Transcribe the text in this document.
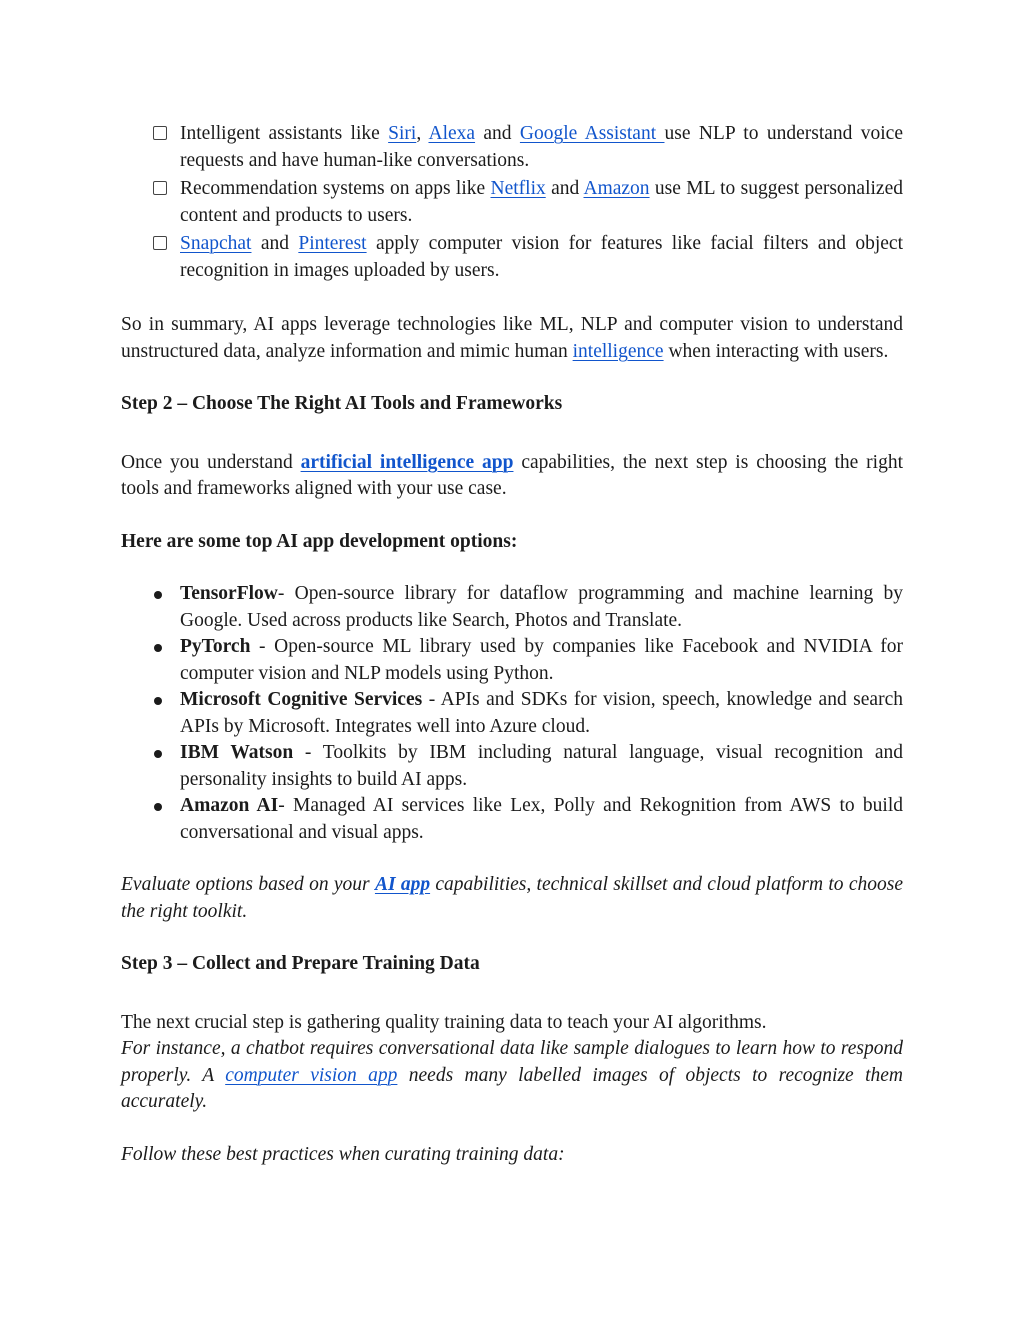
Intelligent assistants like Siri, Alexa and Google Assistant use NLP to understand voice requests and have human-like conversations.
Recommendation systems on apps like Netflix and Amazon use ML to suggest personalized content and products to users.
Snapchat and Pinterest apply computer vision for features like facial filters and object recognition in images uploaded by users.

So in summary, AI apps leverage technologies like ML, NLP and computer vision to understand unstructured data, analyze information and mimic human intelligence when interacting with users.

Step 2 – Choose The Right AI Tools and Frameworks

Once you understand artificial intelligence app capabilities, the next step is choosing the right tools and frameworks aligned with your use case.

Here are some top AI app development options:

TensorFlow- Open-source library for dataflow programming and machine learning by Google. Used across products like Search, Photos and Translate.
PyTorch - Open-source ML library used by companies like Facebook and NVIDIA for computer vision and NLP models using Python.
Microsoft Cognitive Services - APIs and SDKs for vision, speech, knowledge and search APIs by Microsoft. Integrates well into Azure cloud.
IBM Watson - Toolkits by IBM including natural language, visual recognition and personality insights to build AI apps.
Amazon AI- Managed AI services like Lex, Polly and Rekognition from AWS to build conversational and visual apps.

Evaluate options based on your AI app capabilities, technical skillset and cloud platform to choose the right toolkit.

Step 3 – Collect and Prepare Training Data

The next crucial step is gathering quality training data to teach your AI algorithms.

For instance, a chatbot requires conversational data like sample dialogues to learn how to respond properly. A computer vision app needs many labelled images of objects to recognize them accurately.

Follow these best practices when curating training data:
